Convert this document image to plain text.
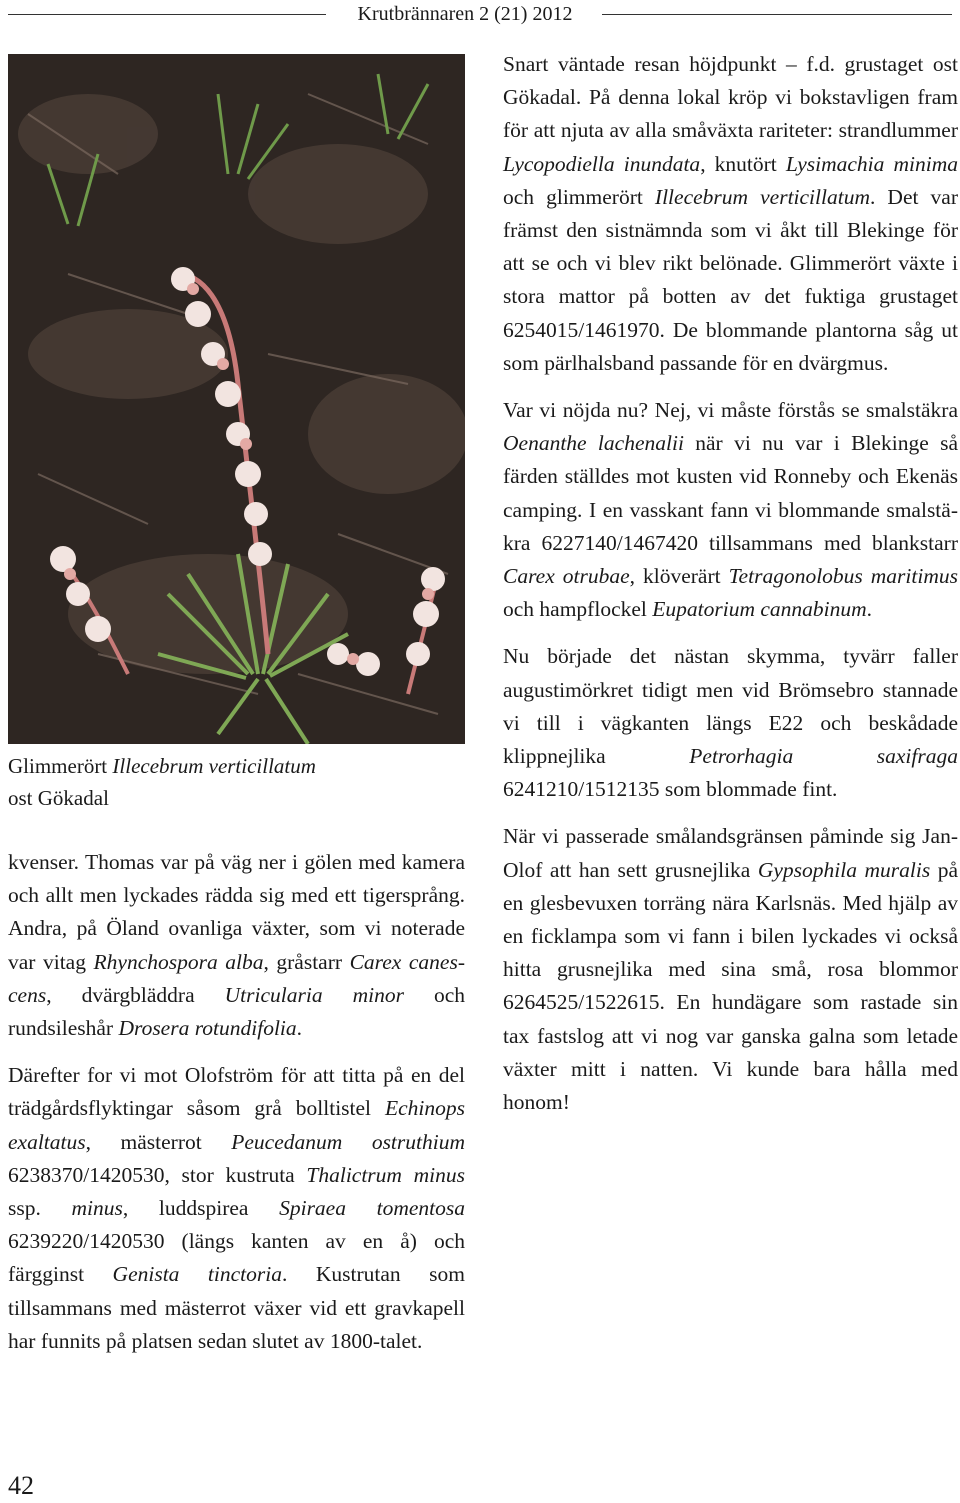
Krutbrännaren 2 (21) 2012
Glimmerört Illecebrum verticillatum
ost Gökadal

kvenser. Thomas var på väg ner i gölen med kamera och allt men lyckades rädda sig med ett tigersprång. Andra, på Öland ovanliga växter, som vi noterade var vitag Rhynchospora alba, gråstarr Carex canescens, dvärgbläddra Utricularia minor och rundsileshår Drosera rotundifolia.

Därefter for vi mot Olofström för att titta på en del trädgårdsflyktingar såsom grå bolltistel Echinops exaltatus, mästerrot Peucedanum ostruthium 6238370/1420530, stor kustruta Thalictrum minus ssp. minus, luddspirea Spiraea tomentosa 6239220/1420530 (längs kanten av en å) och färgginst Genista tinctoria. Kustrutan som tillsammans med mästerrot växer vid ett gravkapell har funnits på platsen sedan slutet av 1800-talet.

Snart väntade resan höjdpunkt – f.d. grustaget ost Gökadal. På denna lokal kröp vi bokstavligen fram för att njuta av alla småväxta rariteter: strandlummer Lycopodiella inundata, knutört Lysimachia minima och glimmerört Illecebrum verticillatum. Det var främst den sistnämnda som vi åkt till Blekinge för att se och vi blev rikt belönade. Glimmerört växte i stora mattor på botten av det fuktiga grustaget 6254015/1461970. De blommande plantorna såg ut som pärlhalsband passande för en dvärgmus.

Var vi nöjda nu? Nej, vi måste förstås se smalstäkra Oenanthe lachenalii när vi nu var i Blekinge så färden ställdes mot kusten vid Ronneby och Ekenäs camping. I en vasskant fann vi blommande smalstäkra 6227140/1467420 tillsammans med blankstarr Carex otrubae, klöverärt Tetragonolobus maritimus och hampflockel Eupatorium cannabinum.

Nu började det nästan skymma, tyvärr faller augustimörkret tidigt men vid Brömsebro stannade vi till i vägkanten längs E22 och beskådade klippnejlika Petrorhagia saxifraga 6241210/1512135 som blommade fint.

När vi passerade smålandsgränsen påminde sig Jan-Olof att han sett grusnejlika Gypsophila muralis på en glesbevuxen torräng nära Karlsnäs. Med hjälp av en ficklampa som vi fann i bilen lyckades vi också hitta grusnejlika med sina små, rosa blommor 6264525/1522615. En hundägare som rastade sin tax fastslog att vi nog var ganska galna som letade växter mitt i natten. Vi kunde bara hålla med honom!

42
